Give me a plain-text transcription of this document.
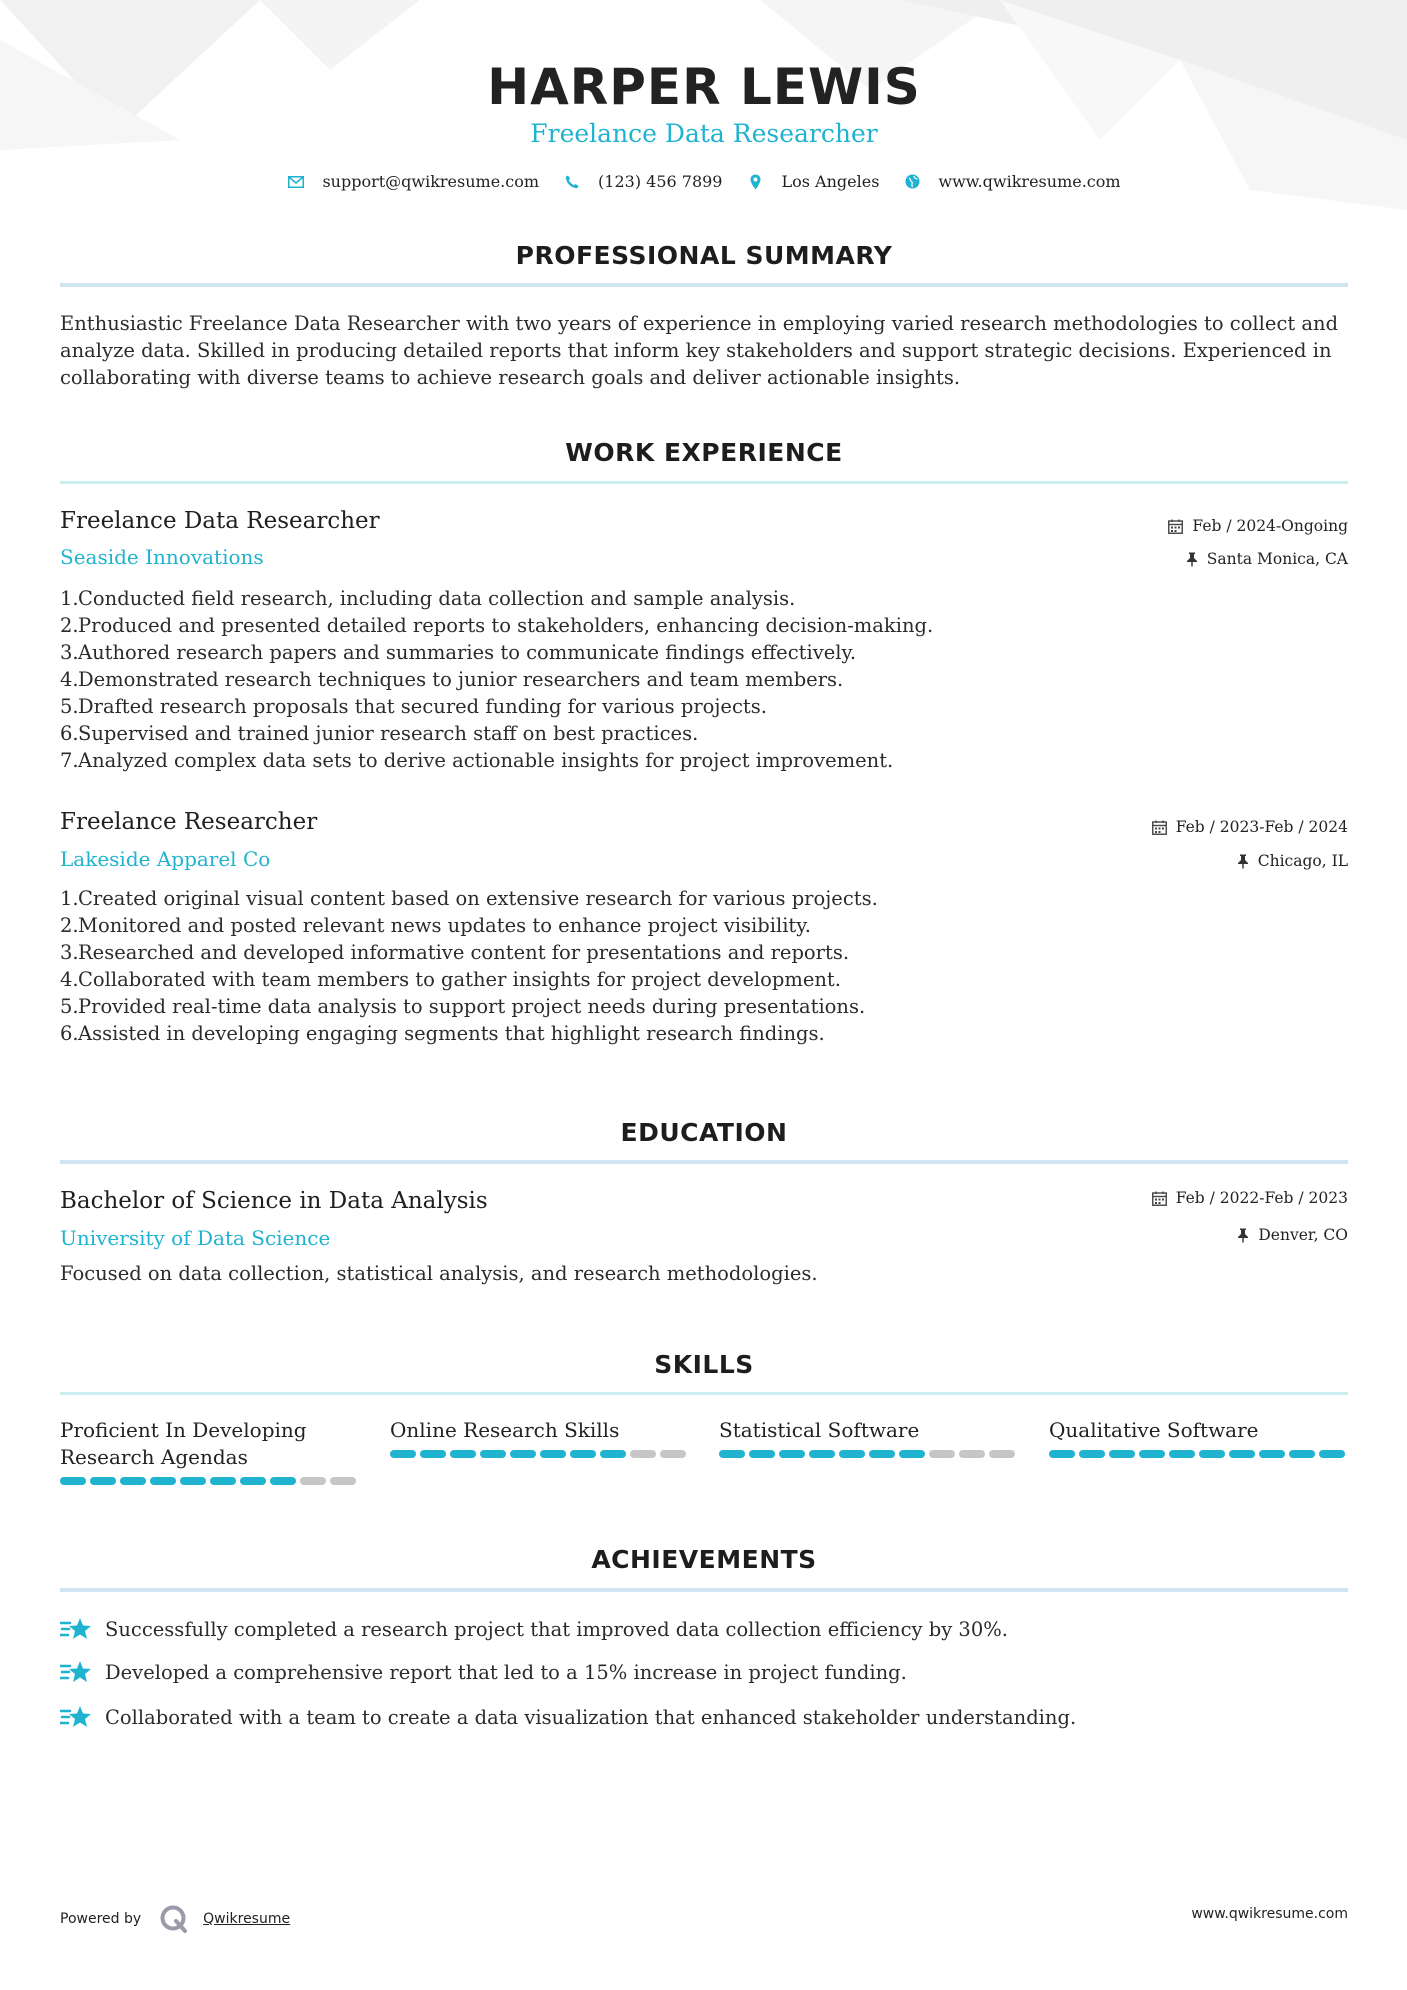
HARPER LEWIS
Freelance Data Researcher
support@qwikresume.com	(123) 456 7899	Los Angeles	www.qwikresume.com
PROFESSIONAL SUMMARY

Enthusiastic Freelance Data Researcher with two years of experience in employing varied research methodologies to collect and analyze data. Skilled in producing detailed reports that inform key stakeholders and support strategic decisions. Experienced in collaborating with diverse teams to achieve research goals and deliver actionable insights.

WORK EXPERIENCE
Freelance Data Researcher
Seaside Innovations
Feb / 2024-Ongoing
Santa Monica, CA
1. Conducted field research, including data collection and sample analysis.
2. Produced and presented detailed reports to stakeholders, enhancing decision-making.
3. Authored research papers and summaries to communicate findings effectively.
4. Demonstrated research techniques to junior researchers and team members.
5. Drafted research proposals that secured funding for various projects.
6. Supervised and trained junior research staff on best practices.
7. Analyzed complex data sets to derive actionable insights for project improvement.
Freelance Researcher
Lakeside Apparel Co
Feb / 2023-Feb / 2024
Chicago, IL
1. Created original visual content based on extensive research for various projects.
2. Monitored and posted relevant news updates to enhance project visibility.
3. Researched and developed informative content for presentations and reports.
4. Collaborated with team members to gather insights for project development.
5. Provided real-time data analysis to support project needs during presentations.
6. Assisted in developing engaging segments that highlight research findings.
EDUCATION
Bachelor of Science in Data Analysis
University of Data Science
Feb / 2022-Feb / 2023
Denver, CO
Focused on data collection, statistical analysis, and research methodologies.
SKILLS
Proficient In Developing Research Agendas
Online Research Skills	Statistical Software	Qualitative Software
ACHIEVEMENTS
Successfully completed a research project that improved data collection efficiency by 30%.
Developed a comprehensive report that led to a 15% increase in project funding.
Collaborated with a team to create a data visualization that enhanced stakeholder understanding.
Powered by	Qwikresume	www.qwikresume.com
